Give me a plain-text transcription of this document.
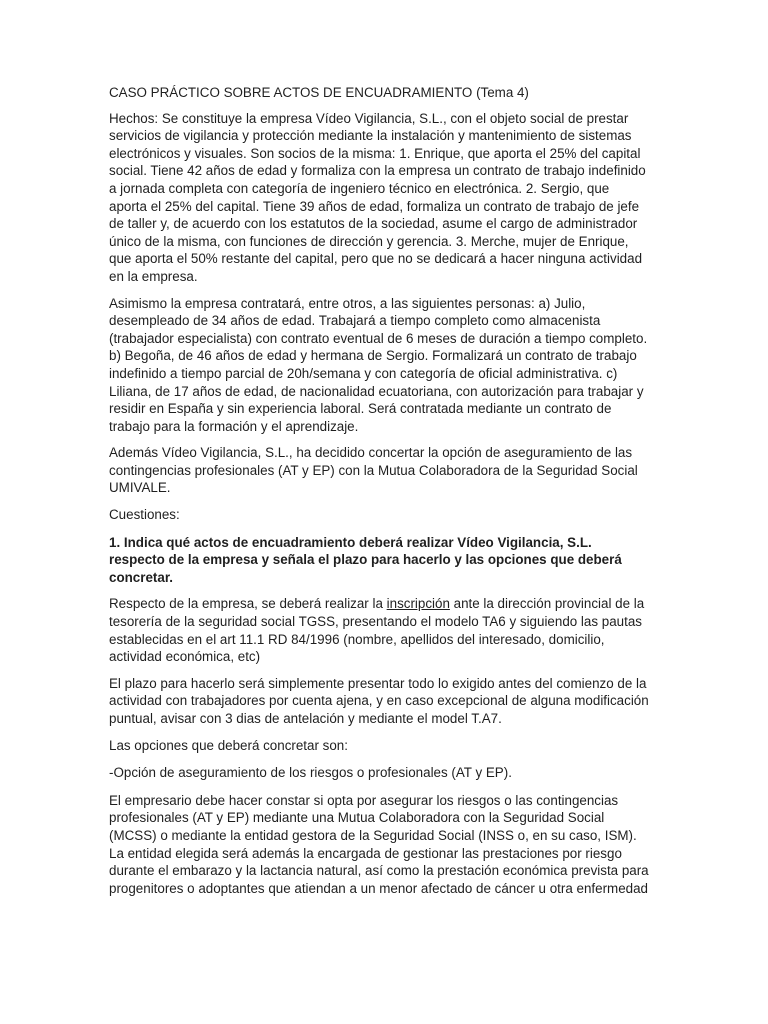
CASO PRÁCTICO SOBRE ACTOS DE ENCUADRAMIENTO (Tema 4)

Hechos: Se constituye la empresa Vídeo Vigilancia, S.L., con el objeto social de prestar servicios de vigilancia y protección mediante la instalación y mantenimiento de sistemas electrónicos y visuales. Son socios de la misma: 1. Enrique, que aporta el 25% del capital social. Tiene 42 años de edad y formaliza con la empresa un contrato de trabajo indefinido a jornada completa con categoría de ingeniero técnico en electrónica. 2. Sergio, que aporta el 25% del capital. Tiene 39 años de edad, formaliza un contrato de trabajo de jefe de taller y, de acuerdo con los estatutos de la sociedad, asume el cargo de administrador único de la misma, con funciones de dirección y gerencia. 3. Merche, mujer de Enrique, que aporta el 50% restante del capital, pero que no se dedicará a hacer ninguna actividad en la empresa.

Asimismo la empresa contratará, entre otros, a las siguientes personas: a) Julio, desempleado de 34 años de edad. Trabajará a tiempo completo como almacenista (trabajador especialista) con contrato eventual de 6 meses de duración a tiempo completo. b) Begoña, de 46 años de edad y hermana de Sergio. Formalizará un contrato de trabajo indefinido a tiempo parcial de 20h/semana y con categoría de oficial administrativa. c) Liliana, de 17 años de edad, de nacionalidad ecuatoriana, con autorización para trabajar y residir en España y sin experiencia laboral. Será contratada mediante un contrato de trabajo para la formación y el aprendizaje.

Además Vídeo Vigilancia, S.L., ha decidido concertar la opción de aseguramiento de las contingencias profesionales (AT y EP) con la Mutua Colaboradora de la Seguridad Social UMIVALE.

Cuestiones:

1. Indica qué actos de encuadramiento deberá realizar Vídeo Vigilancia, S.L. respecto de la empresa y señala el plazo para hacerlo y las opciones que deberá concretar.

Respecto de la empresa, se deberá realizar la inscripción ante la dirección provincial de la tesorería de la seguridad social TGSS, presentando el modelo TA6 y siguiendo las pautas establecidas en el art 11.1 RD 84/1996 (nombre, apellidos del interesado, domicilio, actividad económica, etc)

El plazo para hacerlo será simplemente presentar todo lo exigido antes del comienzo de la actividad con trabajadores por cuenta ajena, y en caso excepcional de alguna modificación puntual, avisar con 3 dias de antelación y mediante el model T.A7.

Las opciones que deberá concretar son:

-Opción de aseguramiento de los riesgos o profesionales (AT y EP).

El empresario debe hacer constar si opta por asegurar los riesgos o las contingencias profesionales (AT y EP) mediante una Mutua Colaboradora con la Seguridad Social (MCSS) o mediante la entidad gestora de la Seguridad Social (INSS o, en su caso, ISM). La entidad elegida será además la encargada de gestionar las prestaciones por riesgo durante el embarazo y la lactancia natural, así como la prestación económica prevista para progenitores o adoptantes que atiendan a un menor afectado de cáncer u otra enfermedad
